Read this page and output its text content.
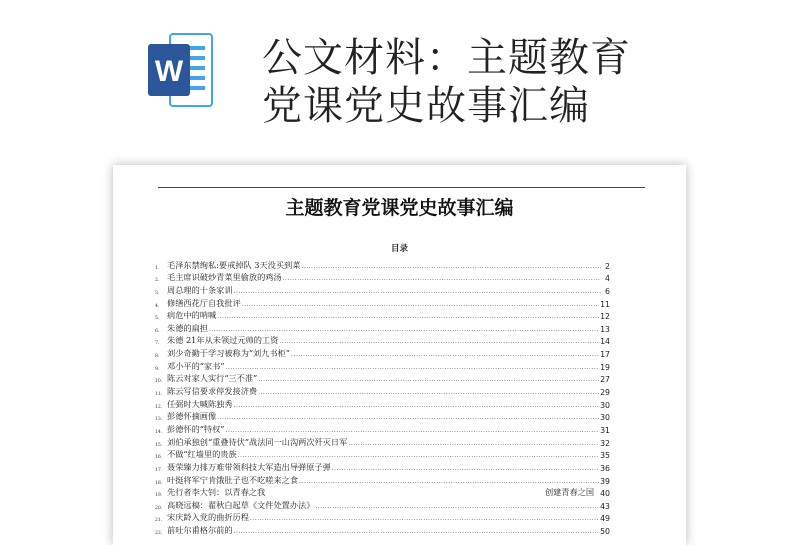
W 公文材料：主题教育
党课党史故事汇编
主题教育党课党史故事汇编
目录
1. 毛泽东禁绚私:要戒掉队 3天没买到菜 .....	2
2. 毛主席识破炒青菜里偷放的鸡汤 .....	4
3. 周总理的十条家训 .....	6
4. 修缮西花厅自我批评 .....	11
5. 病危中的呐喊 .....	12
6. 朱德的扁担 .....	13
7. 朱德 21年从未领过元帅的工资 .....	14
8. 刘少奇勤于学习被称为“刘九书柜” .....	17
9. 邓小平的“家书” .....	19
10. 陈云对家人实行“三不准” .....	27
11. 陈云写信要求停发接济费 .....	29
12. 任弼时大喊陈独秀 .....	30
13. 彭德怀摘画像 .....	30
14. 彭德怀的“特权” .....	31
15. 刘伯承独创“重叠待伏”战法同一山沟两次歼灭日军 .....	32
16. 不做“红墙里的贵族 .....	35
17. 聂荣臻力排万难带领科技大军造出导弹原子弹 .....	36
18. 叶挺将军宁肯饿肚子也不吃嗟来之食 .....	39
19. 先行者李大钊：以青春之我	创建青春之国 40
20. 高晓远稿：翟秋白起草《文件处置办法》 .....	43
21. 宋庆龄入党的曲折历程 .....	49
22. 前吐尔甫格尔前的 .....	50
